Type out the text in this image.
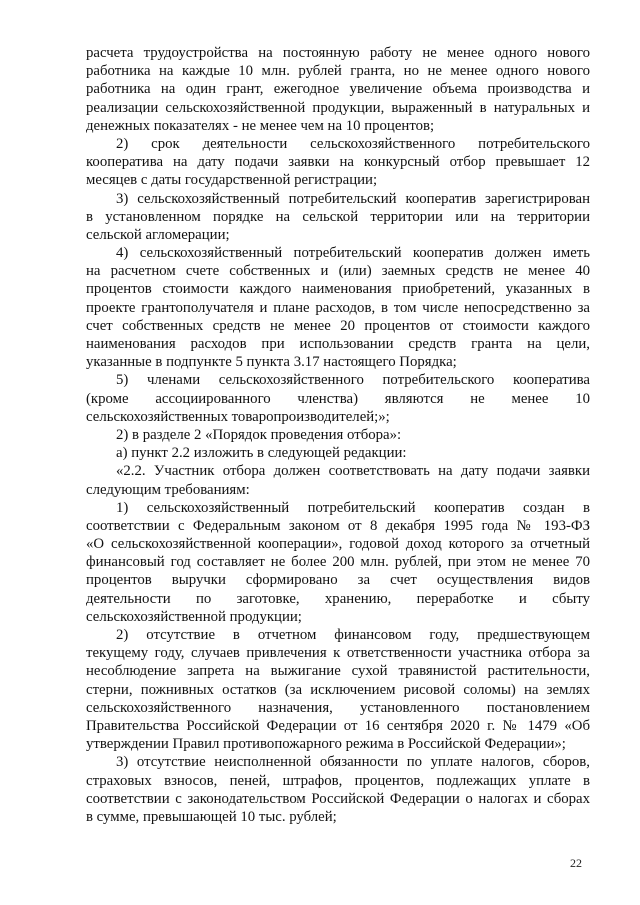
расчета трудоустройства на постоянную работу не менее одного нового
работника на каждые 10 млн. рублей гранта, но не менее одного нового
работника на один грант, ежегодное увеличение объема производства и
реализации сельскохозяйственной продукции, выраженный в натуральных и
денежных показателях - не менее чем на 10 процентов;
2) срок деятельности сельскохозяйственного потребительского
кооператива на дату подачи заявки на конкурсный отбор превышает 12
месяцев с даты государственной регистрации;
3) сельскохозяйственный потребительский кооператив зарегистрирован
в установленном порядке на сельской территории или на территории
сельской агломерации;
4) сельскохозяйственный потребительский кооператив должен иметь
на расчетном счете собственных и (или) заемных средств не менее 40
процентов стоимости каждого наименования приобретений, указанных в
проекте грантополучателя и плане расходов, в том числе непосредственно за
счет собственных средств не менее 20 процентов от стоимости каждого
наименования расходов при использовании средств гранта на цели,
указанные в подпункте 5 пункта 3.17 настоящего Порядка;
5) членами сельскохозяйственного потребительского кооператива
(кроме ассоциированного членства) являются не менее 10
сельскохозяйственных товаропроизводителей;»;
2) в разделе 2 «Порядок проведения отбора»:
а) пункт 2.2 изложить в следующей редакции:
«2.2. Участник отбора должен соответствовать на дату подачи заявки
следующим требованиям:
1) сельскохозяйственный потребительский кооператив создан в
соответствии с Федеральным законом от 8 декабря 1995 года № 193-ФЗ
«О сельскохозяйственной кооперации», годовой доход которого за отчетный
финансовый год составляет не более 200 млн. рублей, при этом не менее 70
процентов выручки сформировано за счет осуществления видов
деятельности по заготовке, хранению, переработке и сбыту
сельскохозяйственной продукции;
2) отсутствие в отчетном финансовом году, предшествующем
текущему году, случаев привлечения к ответственности участника отбора за
несоблюдение запрета на выжигание сухой травянистой растительности,
стерни, пожнивных остатков (за исключением рисовой соломы) на землях
сельскохозяйственного назначения, установленного постановлением
Правительства Российской Федерации от 16 сентября 2020 г. № 1479 «Об
утверждении Правил противопожарного режима в Российской Федерации»;
3) отсутствие неисполненной обязанности по уплате налогов, сборов,
страховых взносов, пеней, штрафов, процентов, подлежащих уплате в
соответствии с законодательством Российской Федерации о налогах и сборах
в сумме, превышающей 10 тыс. рублей;
22
